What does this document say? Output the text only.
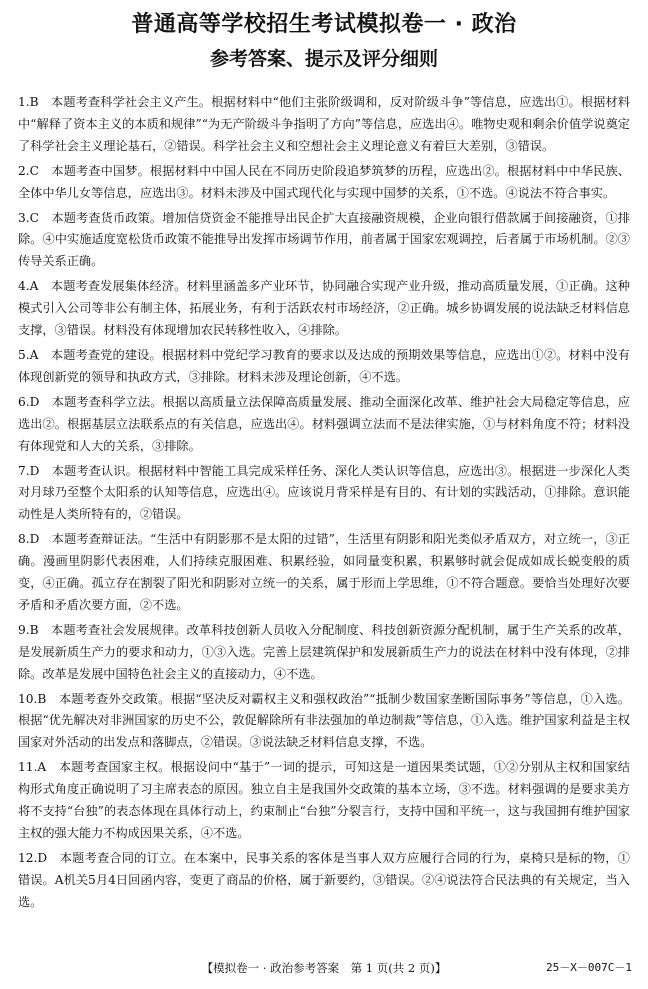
普通高等学校招生考试模拟卷一 · 政治
参考答案、提示及评分细则

1.B　本题考查科学社会主义产生。根据材料中“他们主张阶级调和，反对阶级斗争”等信息，应选出①。根据材料中“解释了资本主义的本质和规律”“为无产阶级斗争指明了方向”等信息，应选出④。唯物史观和剩余价值学说奠定了科学社会主义理论基石，②错误。科学社会主义和空想社会主义理论意义有着巨大差别，③错误。

2.C　本题考查中国梦。根据材料中中国人民在不同历史阶段追梦筑梦的历程，应选出②。根据材料中中华民族、全体中华儿女等信息，应选出③。材料未涉及中国式现代化与实现中国梦的关系，①不选。④说法不符合事实。

3.C　本题考查货币政策。增加信贷资金不能推导出民企扩大直接融资规模，企业向银行借款属于间接融资，①排除。④中实施适度宽松货币政策不能推导出发挥市场调节作用，前者属于国家宏观调控，后者属于市场机制。②③传导关系正确。

4.A　本题考查发展集体经济。材料里涵盖多产业环节，协同融合实现产业升级，推动高质量发展，①正确。这种模式引入公司等非公有制主体，拓展业务，有利于活跃农村市场经济，②正确。城乡协调发展的说法缺乏材料信息支撑，③错误。材料没有体现增加农民转移性收入，④排除。

5.A　本题考查党的建设。根据材料中党纪学习教育的要求以及达成的预期效果等信息，应选出①②。材料中没有体现创新党的领导和执政方式，③排除。材料未涉及理论创新，④不选。

6.D　本题考查科学立法。根据以高质量立法保障高质量发展、推动全面深化改革、维护社会大局稳定等信息，应选出②。根据基层立法联系点的有关信息，应选出④。材料强调立法而不是法律实施，①与材料角度不符；材料没有体现党和人大的关系，③排除。

7.D　本题考查认识。根据材料中智能工具完成采样任务、深化人类认识等信息，应选出③。根据进一步深化人类对月球乃至整个太阳系的认知等信息，应选出④。应该说月背采样是有目的、有计划的实践活动，①排除。意识能动性是人类所特有的，②错误。

8.D　本题考查辩证法。“生活中有阴影那不是太阳的过错”，生活里有阴影和阳光类似矛盾双方，对立统一，③正确。漫画里阴影代表困难，人们持续克服困难、积累经验，如同量变积累，积累够时就会促成如成长蜕变般的质变，④正确。孤立存在割裂了阳光和阴影对立统一的关系，属于形而上学思维，①不符合题意。要恰当处理好次要矛盾和矛盾次要方面，②不选。

9.B　本题考查社会发展规律。改革科技创新人员收入分配制度、科技创新资源分配机制，属于生产关系的改革，是发展新质生产力的要求和动力，①③入选。完善上层建筑保护和发展新质生产力的说法在材料中没有体现，②排除。改革是发展中国特色社会主义的直接动力，④不选。

10.B　本题考查外交政策。根据“坚决反对霸权主义和强权政治”“抵制少数国家垄断国际事务”等信息，①入选。根据“优先解决对非洲国家的历史不公，敦促解除所有非法强加的单边制裁”等信息，①入选。维护国家利益是主权国家对外活动的出发点和落脚点，②错误。③说法缺乏材料信息支撑，不选。

11.A　本题考查国家主权。根据设问中“基于”一词的提示，可知这是一道因果类试题，①②分别从主权和国家结构形式角度正确说明了习主席表态的原因。独立自主是我国外交政策的基本立场，③不选。材料强调的是要求美方将不支持“台独”的表态体现在具体行动上，约束制止“台独”分裂言行，支持中国和平统一，这与我国拥有维护国家主权的强大能力不构成因果关系，④不选。

12.D　本题考查合同的订立。在本案中，民事关系的客体是当事人双方应履行合同的行为，桌椅只是标的物，①错误。A机关5月4日回函内容，变更了商品的价格，属于新要约，③错误。②④说法符合民法典的有关规定，当入选。

【模拟卷一 · 政治参考答案　第 1 页(共 2 页)】	25－X－007C－1
